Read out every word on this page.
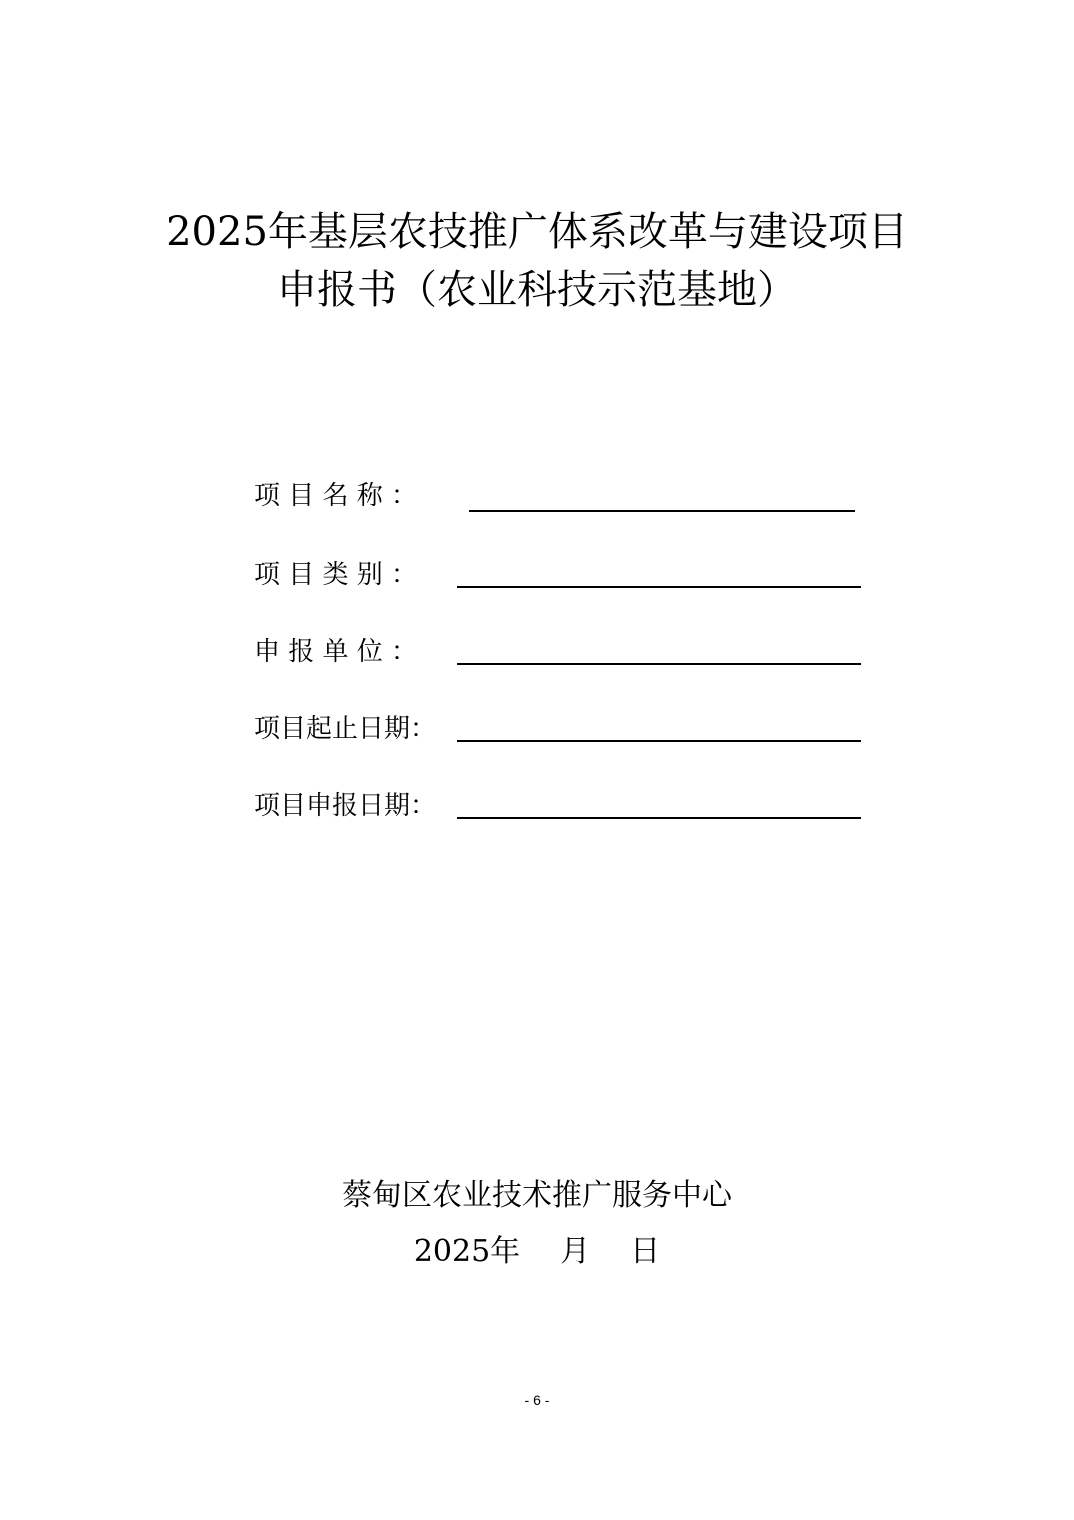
2025年基层农技推广体系改革与建设项目
申报书（农业科技示范基地）
项 目 名 称 ：
项 目 类 别 ：
申 报 单 位 ：
项目起止日期：
项目申报日期：
蔡甸区农业技术推广服务中心
2025年 月 日
- 6 -
